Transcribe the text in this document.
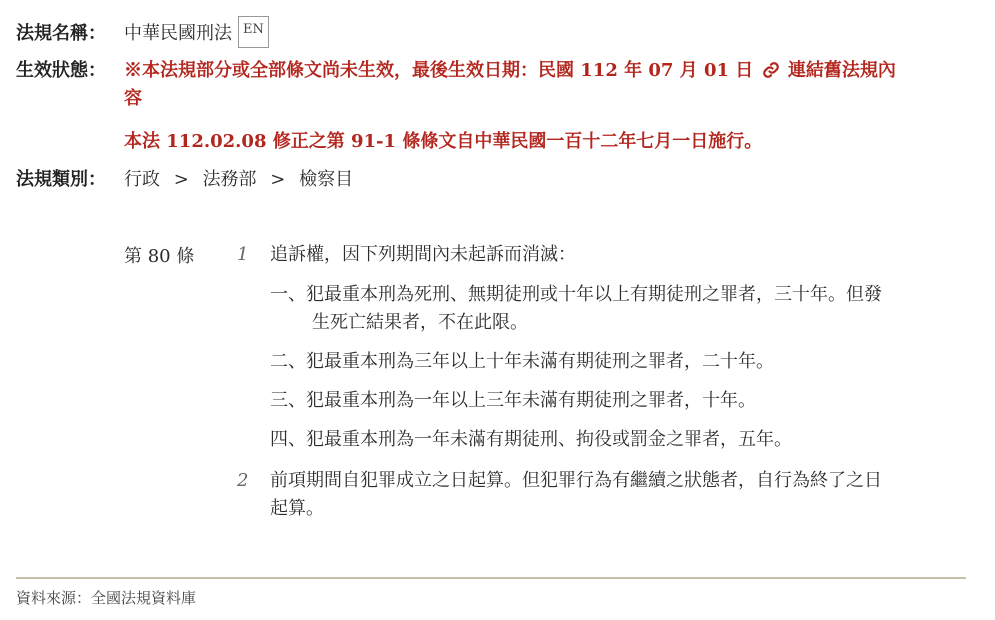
法規名稱：	中華民國刑法 EN
生效狀態：	※本法規部分或全部條文尚未生效，最後生效日期：民國 112 年 07 月 01 日 連結舊法規內
容
本法 112.02.08 修正之第 91-1 條條文自中華民國一百十二年七月一日施行。
法規類別：	行政 > 法務部 > 檢察目
第 80 條 1 追訴權，因下列期間內未起訴而消滅：
一、犯最重本刑為死刑、無期徒刑或十年以上有期徒刑之罪者，三十年。但發
生死亡結果者，不在此限。
二、犯最重本刑為三年以上十年未滿有期徒刑之罪者，二十年。
三、犯最重本刑為一年以上三年未滿有期徒刑之罪者，十年。
四、犯最重本刑為一年未滿有期徒刑、拘役或罰金之罪者，五年。
2 前項期間自犯罪成立之日起算。但犯罪行為有繼續之狀態者，自行為終了之日
起算。
資料來源：全國法規資料庫
